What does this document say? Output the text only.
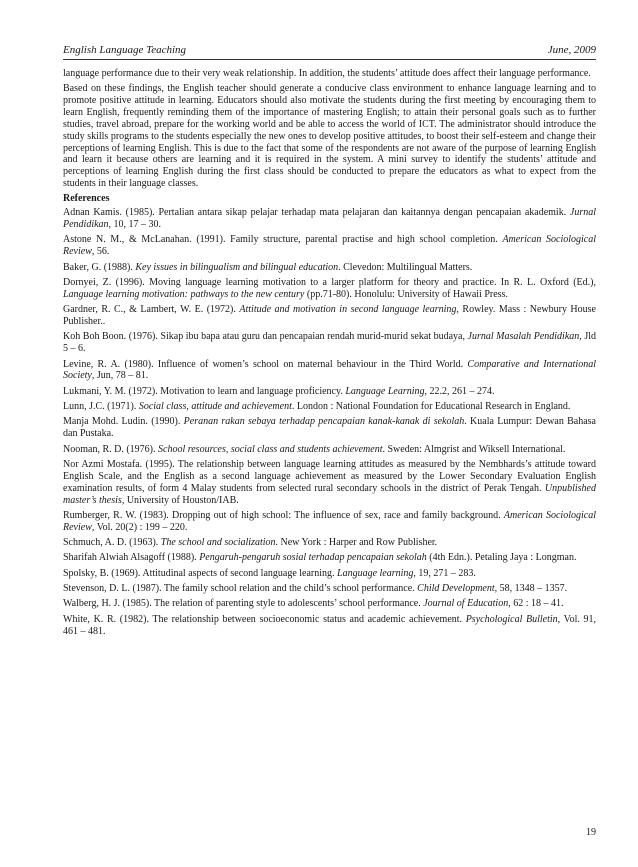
English Language Teaching	June, 2009

language performance due to their very weak relationship. In addition, the students’ attitude does affect their language performance.

Based on these findings, the English teacher should generate a conducive class environment to enhance language learning and to promote positive attitude in learning. Educators should also motivate the students during the first meeting by encouraging them to learn English, frequently reminding them of the importance of mastering English; to attain their personal goals such as to further studies, travel abroad, prepare for the working world and be able to access the world of ICT. The administrator should introduce the study skills programs to the students especially the new ones to develop positive attitudes, to boost their self-esteem and change their perceptions of learning English. This is due to the fact that some of the respondents are not aware of the purpose of learning English and learn it because others are learning and it is required in the system. A mini survey to identify the students’ attitude and perceptions of learning English during the first class should be conducted to prepare the educators as what to expect from the students in their language classes.

References
Adnan Kamis. (1985). Pertalian antara sikap pelajar terhadap mata pelajaran dan kaitannya dengan pencapaian akademik. Jurnal Pendidikan, 10, 17 – 30.
Astone N. M., & McLanahan. (1991). Family structure, parental practise and high school completion. American Sociological Review, 56.
Baker, G. (1988). Key issues in bilingualism and bilingual education. Clevedon: Multilingual Matters.
Dornyei, Z. (1996). Moving language learning motivation to a larger platform for theory and practice. In R. L. Oxford (Ed.), Language learning motivation: pathways to the new century (pp.71-80). Honolulu: University of Hawaii Press.
Gardner, R. C., & Lambert, W. E. (1972). Attitude and motivation in second language learning, Rowley. Mass : Newbury House Publisher..
Koh Boh Boon. (1976). Sikap ibu bapa atau guru dan pencapaian rendah murid-murid sekat budaya, Jurnal Masalah Pendidikan, Jld 5 – 6.
Levine, R. A. (1980). Influence of women’s school on maternal behaviour in the Third World. Comparative and International Society, Jun, 78 – 81.
Lukmani, Y. M. (1972). Motivation to learn and language proficiency. Language Learning, 22.2, 261 – 274.
Lunn, J.C. (1971). Social class, attitude and achievement. London : National Foundation for Educational Research in England.
Manja Mohd. Ludin. (1990). Peranan rakan sebaya terhadap pencapaian kanak-kanak di sekolah. Kuala Lumpur: Dewan Bahasa dan Pustaka.
Nooman, R. D. (1976). School resources, social class and students achievement. Sweden: Almgrist and Wiksell International.
Nor Azmi Mostafa. (1995). The relationship between language learning attitudes as measured by the Nembhards’s attitude toward English Scale, and the English as a second language achievement as measured by the Lower Secondary Evaluation English examination results, of form 4 Malay students from selected rural secondary schools in the district of Perak Tengah. Unpublished master’s thesis, University of Houston/IAB.
Rumberger, R. W. (1983). Dropping out of high school: The influence of sex, race and family background. American Sociological Review, Vol. 20(2) : 199 – 220.
Schmuch, A. D. (1963). The school and socialization. New York : Harper and Row Publisher.
Sharifah Alwiah Alsagoff (1988). Pengaruh-pengaruh sosial terhadap pencapaian sekolah (4th Edn.). Petaling Jaya : Longman.
Spolsky, B. (1969). Attitudinal aspects of second language learning. Language learning, 19, 271 – 283.
Stevenson, D. L. (1987). The family school relation and the child’s school performance. Child Development, 58, 1348 – 1357.
Walberg, H. J. (1985). The relation of parenting style to adolescents’ school performance. Journal of Education, 62 : 18 – 41.
White, K. R. (1982). The relationship between socioeconomic status and academic achievement. Psychological Bulletin, Vol. 91, 461 – 481.
19
